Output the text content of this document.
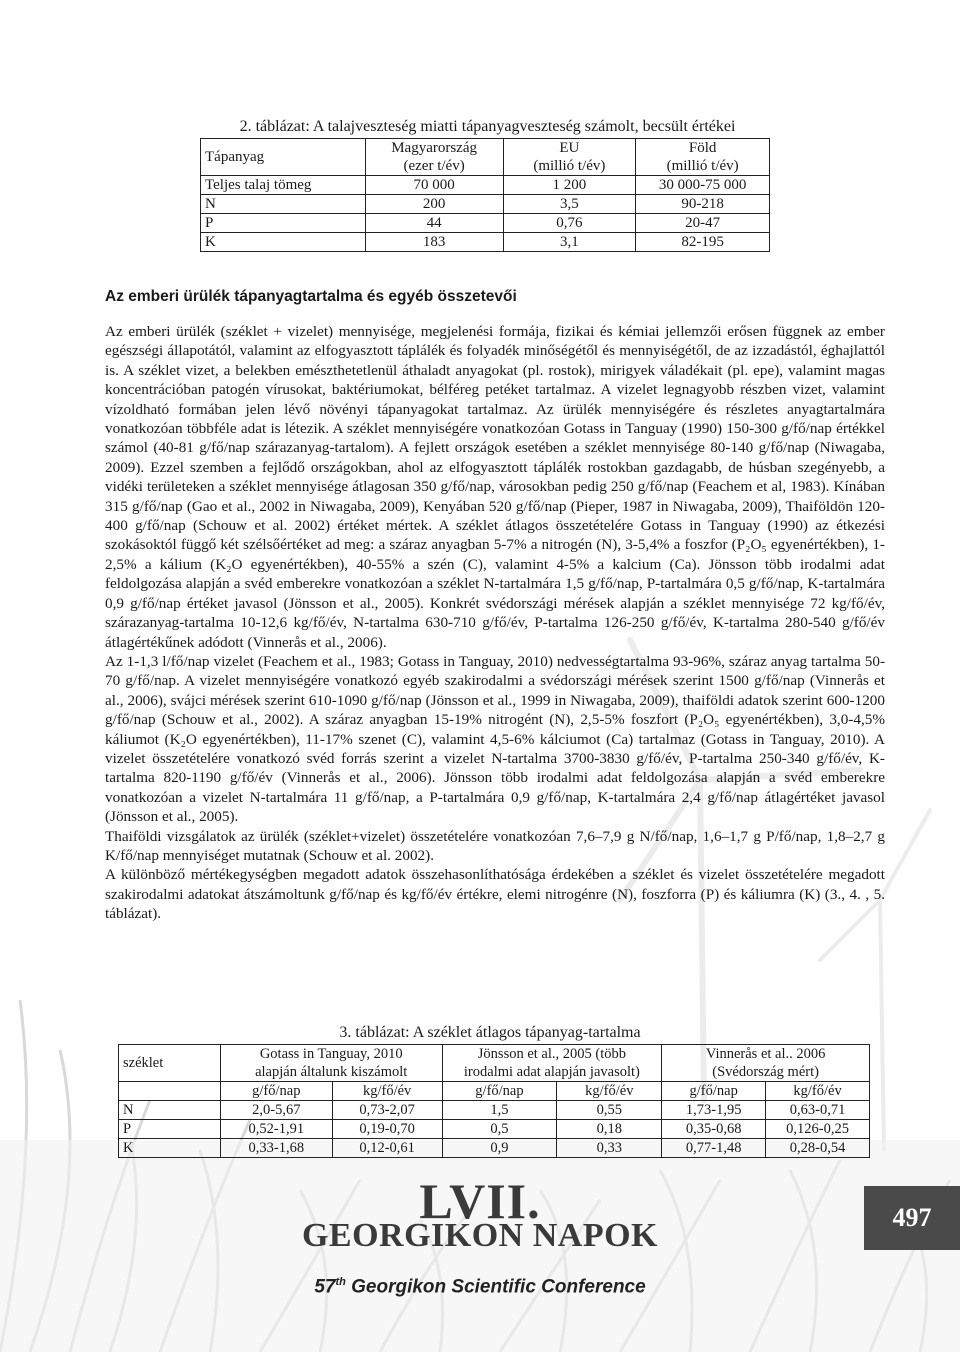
2. táblázat: A talajveszteség miatti tápanyagveszteség számolt, becsült értékei
Tápanyag	Magyarország	EU	Föld
	(ezer t/év)	(millió t/év)	(millió t/év)
Teljes talaj tömeg	70 000	1 200	30 000-75 000
N	200	3,5	90-218
P	44	0,76	20-47
K	183	3,1	82-195
Az emberi ürülék tápanyagtartalma és egyéb összetevői

Az emberi ürülék (széklet + vizelet) mennyisége, megjelenési formája, fizikai és kémiai jellemzői erősen függnek az ember egészségi állapotától, valamint az elfogyasztott táplálék és folyadék minőségétől és mennyiségétől, de az izzadástól, éghajlattól is. A széklet vizet, a belekben emészthetetlenül áthaladt anyagokat (pl. rostok), mirigyek váladékait (pl. epe), valamint magas koncentrációban patogén vírusokat, baktériumokat, bélféreg petéket tartalmaz. A vizelet legnagyobb részben vizet, valamint vízoldható formában jelen lévő növényi tápanyagokat tartalmaz. Az ürülék mennyiségére és részletes anyagtartalmára vonatkozóan többféle adat is létezik. A széklet mennyiségére vonatkozóan Gotass in Tanguay (1990) 150-300 g/fő/nap értékkel számol (40-81 g/fő/nap szárazanyag-tartalom). A fejlett országok esetében a széklet mennyisége 80-140 g/fő/nap (Niwagaba, 2009). Ezzel szemben a fejlődő országokban, ahol az elfogyasztott táplálék rostokban gazdagabb, de húsban szegényebb, a vidéki területeken a széklet mennyisége átlagosan 350 g/fő/nap, városokban pedig 250 g/fő/nap (Feachem et al, 1983). Kínában 315 g/fő/nap (Gao et al., 2002 in Niwagaba, 2009), Kenyában 520 g/fő/nap (Pieper, 1987 in Niwagaba, 2009), Thaiföldön 120-400 g/fő/nap (Schouw et al. 2002) értéket mértek. A széklet átlagos összetételére Gotass in Tanguay (1990) az étkezési szokásoktól függő két szélsőértéket ad meg: a száraz anyagban 5-7% a nitrogén (N), 3-5,4% a foszfor (P₂O₅ egyenértékben), 1-2,5% a kálium (K₂O egyenértékben), 40-55% a szén (C), valamint 4-5% a kalcium (Ca). Jönsson több irodalmi adat feldolgozása alapján a svéd emberekre vonatkozóan a széklet N-tartalmára 1,5 g/fő/nap, P-tartalmára 0,5 g/fő/nap, K-tartalmára 0,9 g/fő/nap értéket javasol (Jönsson et al., 2005). Konkrét svédországi mérések alapján a széklet mennyisége 72 kg/fő/év, szárazanyag-tartalma 10-12,6 kg/fő/év, N-tartalma 630-710 g/fő/év, P-tartalma 126-250 g/fő/év, K-tartalma 280-540 g/fő/év átlagértékűnek adódott (Vinnerås et al., 2006).

Az 1-1,3 l/fő/nap vizelet (Feachem et al., 1983; Gotass in Tanguay, 2010) nedvességtartalma 93-96%, száraz anyag tartalma 50-70 g/fő/nap. A vizelet mennyiségére vonatkozó egyéb szakirodalmi a svédországi mérések szerint 1500 g/fő/nap (Vinnerås et al., 2006), svájci mérések szerint 610-1090 g/fő/nap (Jönsson et al., 1999 in Niwagaba, 2009), thaiföldi adatok szerint 600-1200 g/fő/nap (Schouw et al., 2002). A száraz anyagban 15-19% nitrogént (N), 2,5-5% foszfort (P₂O₅ egyenértékben), 3,0-4,5% káliumot (K₂O egyenértékben), 11-17% szenet (C), valamint 4,5-6% kálciumot (Ca) tartalmaz (Gotass in Tanguay, 2010). A vizelet összetételére vonatkozó svéd forrás szerint a vizelet N-tartalma 3700-3830 g/fő/év, P-tartalma 250-340 g/fő/év, K-tartalma 820-1190 g/fő/év (Vinnerås et al., 2006). Jönsson több irodalmi adat feldolgozása alapján a svéd emberekre vonatkozóan a vizelet N-tartalmára 11 g/fő/nap, a P-tartalmára 0,9 g/fő/nap, K-tartalmára 2,4 g/fő/nap átlagértéket javasol (Jönsson et al., 2005).

Thaiföldi vizsgálatok az ürülék (széklet+vizelet) összetételére vonatkozóan 7,6–7,9 g N/fő/nap, 1,6–1,7 g P/fő/nap, 1,8–2,7 g K/fő/nap mennyiséget mutatnak (Schouw et al. 2002).

A különböző mértékegységben megadott adatok összehasonlíthatósága érdekében a széklet és vizelet összetételére megadott szakirodalmi adatokat átszámoltunk g/fő/nap és kg/fő/év értékre, elemi nitrogénre (N), foszforra (P) és káliumra (K) (3., 4. , 5. táblázat).

3. táblázat: A széklet átlagos tápanyag-tartalma
széklet	Gotass in Tanguay, 2010		Jönsson et al., 2005 (több		Vinnerås et al.. 2006	
	alapján általunk kiszámolt		irodalmi adat alapján javasolt)		(Svédország mért)	
	g/fő/nap	kg/fő/év	g/fő/nap	kg/fő/év	g/fő/nap	kg/fő/év
N	2,0-5,67	0,73-2,07	1,5	0,55	1,73-1,95	0,63-0,71
P	0,52-1,91	0,19-0,70	0,5	0,18	0,35-0,68	0,126-0,25
K	0,33-1,68	0,12-0,61	0,9	0,33	0,77-1,48	0,28-0,54
LVII.
GEORGIKON NAPOK
57th Georgikon Scientific Conference
497
